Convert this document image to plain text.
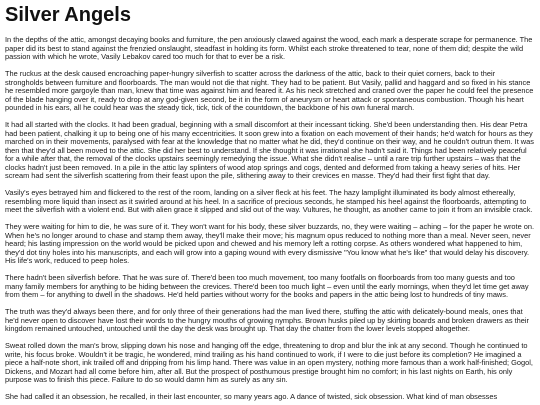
Silver Angels

In the depths of the attic, amongst decaying books and furniture, the pen anxiously clawed against the wood, each mark a desperate scrape for permanence. The paper did its best to stand against the frenzied onslaught, steadfast in holding its form. Whilst each stroke threatened to tear, none of them did; despite the wild passion with which he wrote, Vasily Lebakov cared too much for that to ever be a risk.

The ruckus at the desk caused encroaching paper-hungry silverfish to scatter across the darkness of the attic, back to their quiet corners, back to their strongholds between furniture and floorboards. The man would not die that night. They had to be patient. But Vasily, pallid and haggard and so fixed in his stance he resembled more gargoyle than man, knew that time was against him and feared it. As his neck stretched and craned over the paper he could feel the presence of the blade hanging over it, ready to drop at any god-given second, be it in the form of aneurysm or heart attack or spontaneous combustion. Though his heart pounded in his ears, all he could hear was the steady tick, tick, tick of the countdown, the backbone of his own funeral march.

It had all started with the clocks. It had been gradual, beginning with a small discomfort at their incessant ticking. She'd been understanding then. His dear Petra had been patient, chalking it up to being one of his many eccentricities. It soon grew into a fixation on each movement of their hands; he'd watch for hours as they marched on in their movements, paralysed with fear at the knowledge that no matter what he did, they'd continue on their way, and he couldn't outrun them. It was then that they'd all been moved to the attic. She did her best to understand. If she thought it was irrational she hadn't said it. Things had been relatively peaceful for a while after that, the removal of the clocks upstairs seemingly remedying the issue. What she didn't realise – until a rare trip further upstairs – was that the clocks hadn't just been removed. In a pile in the attic lay splinters of wood atop springs and cogs, dented and deformed from taking a heavy series of hits. Her scream had sent the silverfish scattering from their feast upon the pile, slithering away to their crevices en masse. They'd had their first fight that day.

Vasily's eyes betrayed him and flickered to the rest of the room, landing on a silver fleck at his feet. The hazy lamplight illuminated its body almost ethereally, resembling more liquid than insect as it swirled around at his heel. In a sacrifice of precious seconds, he stamped his heel against the floorboards, attempting to meet the silverfish with a violent end. But with alien grace it slipped and slid out of the way. Vultures, he thought, as another came to join it from an invisible crack.

They were waiting for him to die, he was sure of it. They won't want for his body, these silver buzzards, no, they were waiting – aching – for the paper he wrote on. When he's no longer around to chase and stamp them away, they'll make their move; his magnum opus reduced to nothing more than a meal. Never seen, never heard; his lasting impression on the world would be picked upon and chewed and his memory left a rotting corpse. As others wondered what happened to him, they'd dot tiny holes into his manuscripts, and each will grow into a gaping wound with every dismissive "You know what he's like" that would delay his discovery. His life's work, reduced to peep holes.

There hadn't been silverfish before. That he was sure of. There'd been too much movement, too many footfalls on floorboards from too many guests and too many family members for anything to be hiding between the crevices. There'd been too much light – even until the early mornings, when they'd let time get away from them – for anything to dwell in the shadows. He'd held parties without worry for the books and papers in the attic being lost to hundreds of tiny maws.

The truth was they'd always been there, and for only three of their generations had the man lived there, stuffing the attic with delicately-bound meals, ones that he'd never open to discover have lost their words to the hungry mouths of growing nymphs. Brown husks piled up by skirting boards and broken drawers as their kingdom remained untouched, untouched until the day the desk was brought up. That day the chatter from the lower levels stopped altogether.

Sweat rolled down the man's brow, slipping down his nose and hanging off the edge, threatening to drop and blur the ink at any second. Though he continued to write, his focus broke. Wouldn't it be tragic, he wondered, mind trailing as his hand continued to work, if I were to die just before its completion? He imagined a piece a half-note short, ink trailed off and dripping from his limp hand. There was value in an open mystery, nothing more famous than a work half-finished; Gogol, Dickens, and Mozart had all come before him, after all. But the prospect of posthumous prestige brought him no comfort; in his last nights on Earth, his only purpose was to finish this piece. Failure to do so would damn him as surely as any sin.

She had called it an obsession, he recalled, in their last encounter, so many years ago. A dance of twisted, sick obsession. What kind of man obsesses
